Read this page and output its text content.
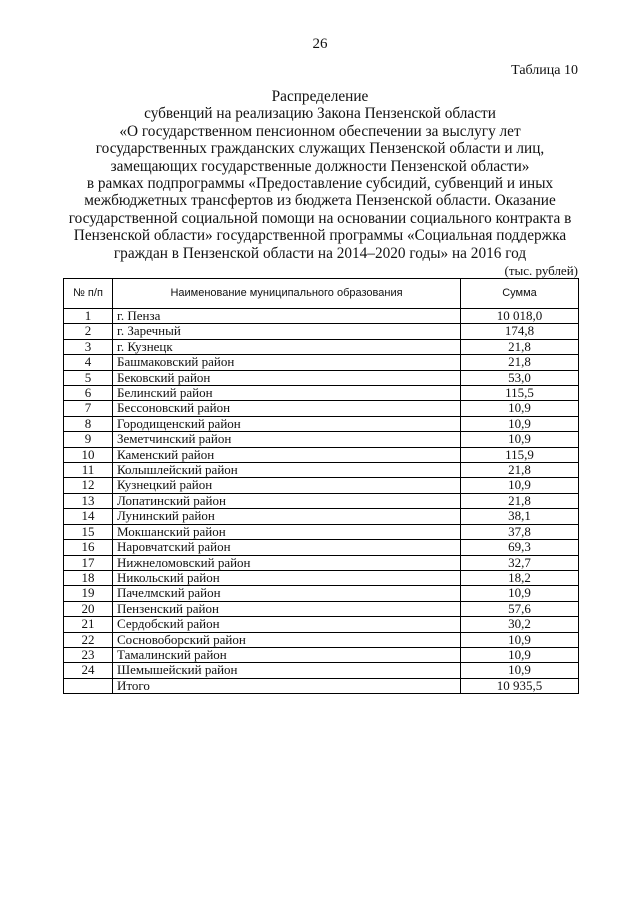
26
Таблица 10
Распределение
субвенций на реализацию Закона Пензенской области
«О государственном пенсионном обеспечении за выслугу лет
государственных гражданских служащих Пензенской области и лиц,
замещающих государственные должности Пензенской области»
в рамках подпрограммы «Предоставление субсидий, субвенций и иных
межбюджетных трансфертов из бюджета Пензенской области. Оказание
государственной социальной помощи на основании социального контракта в
Пензенской области» государственной программы «Социальная поддержка
граждан в Пензенской области на 2014–2020 годы» на 2016 год
(тыс. рублей)
№ п/п	Наименование муниципального образования	Сумма
1	г. Пенза	10 018,0
2	г. Заречный	174,8
3	г. Кузнецк	21,8
4	Башмаковский район	21,8
5	Бековский район	53,0
6	Белинский район	115,5
7	Бессоновский район	10,9
8	Городищенский район	10,9
9	Земетчинский район	10,9
10	Каменский район	115,9
11	Колышлейский район	21,8
12	Кузнецкий район	10,9
13	Лопатинский район	21,8
14	Лунинский район	38,1
15	Мокшанский район	37,8
16	Наровчатский район	69,3
17	Нижнеломовский район	32,7
18	Никольский район	18,2
19	Пачелмский район	10,9
20	Пензенский район	57,6
21	Сердобский район	30,2
22	Сосновоборский район	10,9
23	Тамалинский район	10,9
24	Шемышейский район	10,9
	Итого	10 935,5
